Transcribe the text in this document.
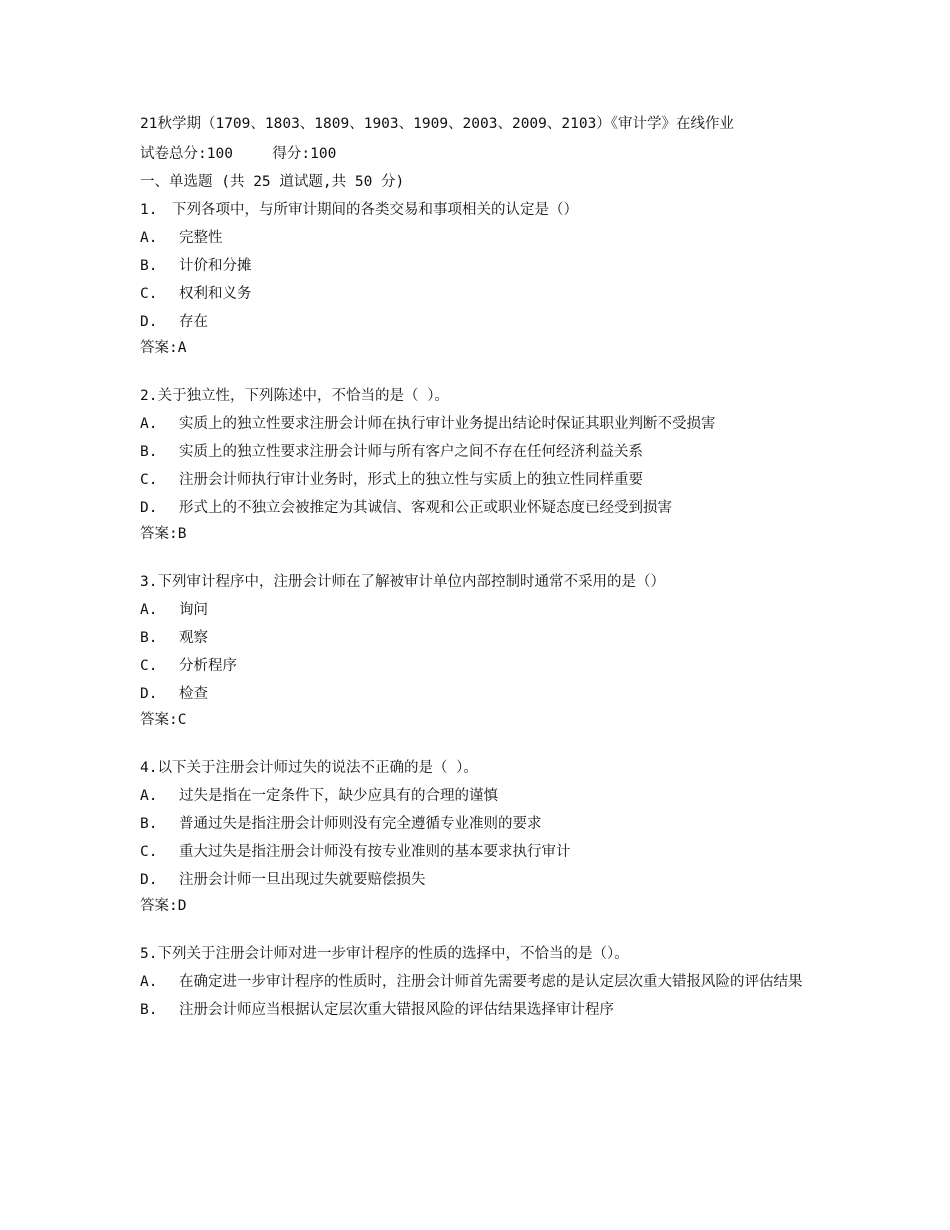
21秋学期（1709、1803、1809、1903、1909、2003、2009、2103）《审计学》在线作业
试卷总分:100	得分:100
一、单选题 (共 25 道试题,共 50 分)
1.　下列各项中，与所审计期间的各类交易和事项相关的认定是（）
A.	完整性
B.	计价和分摊
C.	权利和义务
D.	存在
答案:A
2.关于独立性，下列陈述中，不恰当的是（ ）。
A.	实质上的独立性要求注册会计师在执行审计业务提出结论时保证其职业判断不受损害
B.	实质上的独立性要求注册会计师与所有客户之间不存在任何经济利益关系
C.	注册会计师执行审计业务时，形式上的独立性与实质上的独立性同样重要
D.	形式上的不独立会被推定为其诚信、客观和公正或职业怀疑态度已经受到损害
答案:B
3.下列审计程序中，注册会计师在了解被审计单位内部控制时通常不采用的是（）
A.	询问
B.	观察
C.	分析程序
D.	检查
答案:C
4.以下关于注册会计师过失的说法不正确的是（ ）。
A.	过失是指在一定条件下，缺少应具有的合理的谨慎
B.	普通过失是指注册会计师则没有完全遵循专业准则的要求
C.	重大过失是指注册会计师没有按专业准则的基本要求执行审计
D.	注册会计师一旦出现过失就要赔偿损失
答案:D
5.下列关于注册会计师对进一步审计程序的性质的选择中，不恰当的是（）。
A.	在确定进一步审计程序的性质时，注册会计师首先需要考虑的是认定层次重大错报风险的评估结果
B.	注册会计师应当根据认定层次重大错报风险的评估结果选择审计程序
